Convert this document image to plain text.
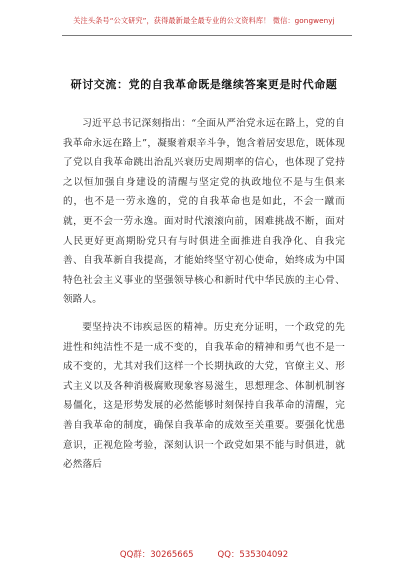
关注头条号“公文研究”，获得最新最全最专业的公文资料库！ 微信：gongwenyj
研讨交流：党的自我革命既是继续答案更是时代命题

习近平总书记深刻指出：“全面从严治党永远在路上，党的自我革命永远在路上”，凝聚着艰辛斗争，饱含着居安思危，既体现了党以自我革命跳出治乱兴衰历史周期率的信心，也体现了党持之以恒加强自身建设的清醒与坚定党的执政地位不是与生俱来的，也不是一劳永逸的，党的自我革命也是如此，不会一蹴而就，更不会一劳永逸。面对时代滚滚向前，困难挑战不断，面对人民更好更高期盼党只有与时俱进全面推进自我净化、自我完善、自我革新自我提高，才能始终坚守初心使命，始终成为中国特色社会主义事业的坚强领导核心和新时代中华民族的主心骨、领路人。

要坚持决不讳疾忌医的精神。历史充分证明，一个政党的先进性和纯洁性不是一成不变的，自我革命的精神和勇气也不是一成不变的，尤其对我们这样一个长期执政的大党，官僚主义、形式主义以及各种消极腐败现象容易滋生，思想理念、体制机制容易僵化，这是形势发展的必然能够时刻保持自我革命的清醒，完善自我革命的制度，确保自我革命的成效至关重要。要强化忧患意识，正视危险考验，深刻认识一个政党如果不能与时俱进，就必然落后

QQ群：30265665	QQ：535304092
